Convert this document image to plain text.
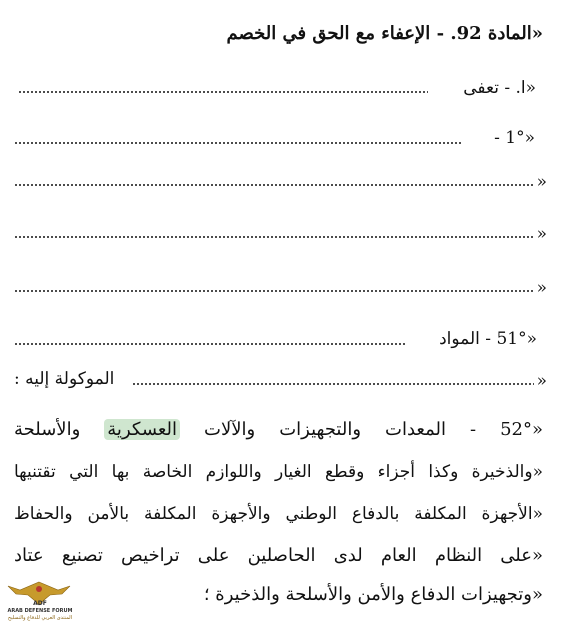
«المادة 92. - الإعفاء مع الحق في الخصم
«ا. - تعفى
«1° -
«
«
«
«51° - المواد
الموكولة إليه :	«
«52° - المعدات والتجهيزات والآلات العسكرية والأسلحة
«والذخيرة وكذا أجزاء وقطع الغيار واللوازم الخاصة بها التي تقتنيها
«الأجهزة المكلفة بالدفاع الوطني والأجهزة المكلفة بالأمن والحفاظ
«على النظام العام لدى الحاصلين على تراخيص تصنيع عتاد
«وتجهيزات الدفاع والأمن والأسلحة والذخيرة ؛
ADF
ARAB DEFENSE FORUM
المنتدى العربي للدفاع والتسليح
